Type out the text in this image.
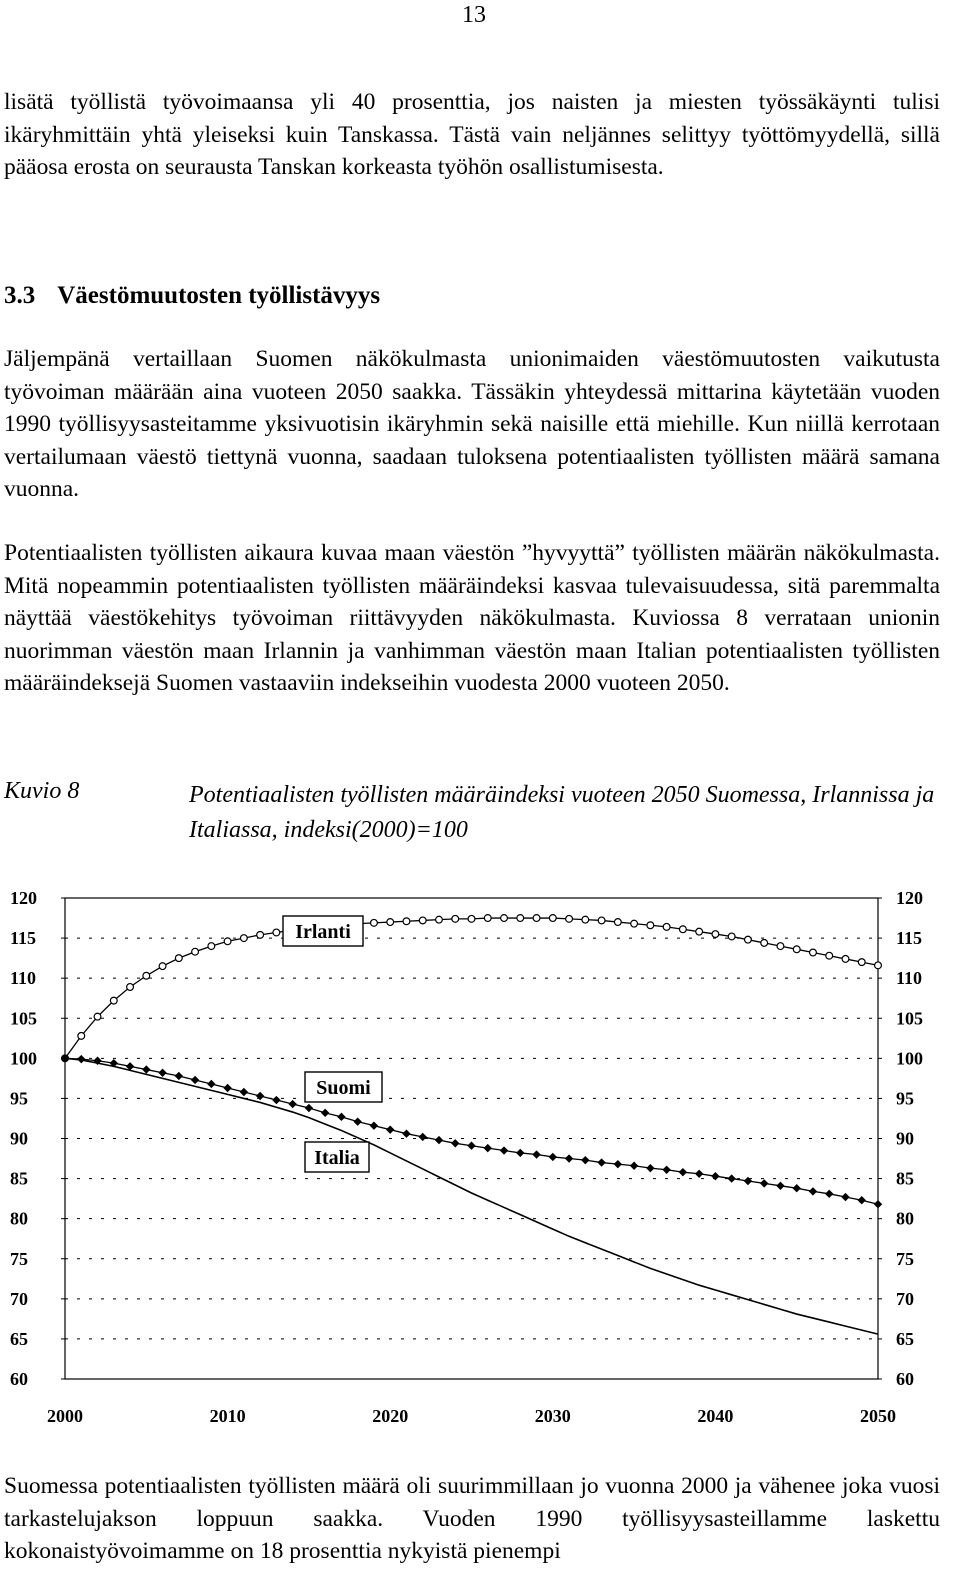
13

lisätä työllistä työvoimaansa yli 40 prosenttia, jos naisten ja miesten työssäkäynti tulisi ikäryhmittäin yhtä yleiseksi kuin Tanskassa. Tästä vain neljännes selittyy työttömyydellä, sillä pääosa erosta on seurausta Tanskan korkeasta työhön osallistumisesta.

3.3 Väestömuutosten työllistävyys

Jäljempänä vertaillaan Suomen näkökulmasta unionimaiden väestömuutosten vaikutusta työvoiman määrään aina vuoteen 2050 saakka. Tässäkin yhteydessä mittarina käytetään vuoden 1990 työllisyysasteitamme yksivuotisin ikäryhmin sekä naisille että miehille. Kun niillä kerrotaan vertailumaan väestö tiettynä vuonna, saadaan tuloksena potentiaalisten työllisten määrä samana vuonna.

Potentiaalisten työllisten aikaura kuvaa maan väestön ”hyvyyttä” työllisten määrän näkökulmasta. Mitä nopeammin potentiaalisten työllisten määräindeksi kasvaa tulevaisuudessa, sitä paremmalta näyttää väestökehitys työvoiman riittävyyden näkökulmasta. Kuviossa 8 verrataan unionin nuorimman väestön maan Irlannin ja vanhimman väestön maan Italian potentiaalisten työllisten määräindeksejä Suomen vastaaviin indekseihin vuodesta 2000 vuoteen 2050.

Kuvio 8	Potentiaalisten työllisten määräindeksi vuoteen 2050 Suomessa, Irlannissa ja Italiassa, indeksi(2000)=100
60	60
65	65
70	70
75	75
80	80
85	85
90	90
95	95
100	100
105	105
110	110
115	115
120	120
2000	2010	2020	2030	2040	2050
Irlanti
Suomi
Italia

Suomessa potentiaalisten työllisten määrä oli suurimmillaan jo vuonna 2000 ja vähenee joka vuosi tarkastelujakson loppuun saakka. Vuoden 1990 työllisyysasteillamme laskettu kokonaistyövoimamme on 18 prosenttia nykyistä pienempi
